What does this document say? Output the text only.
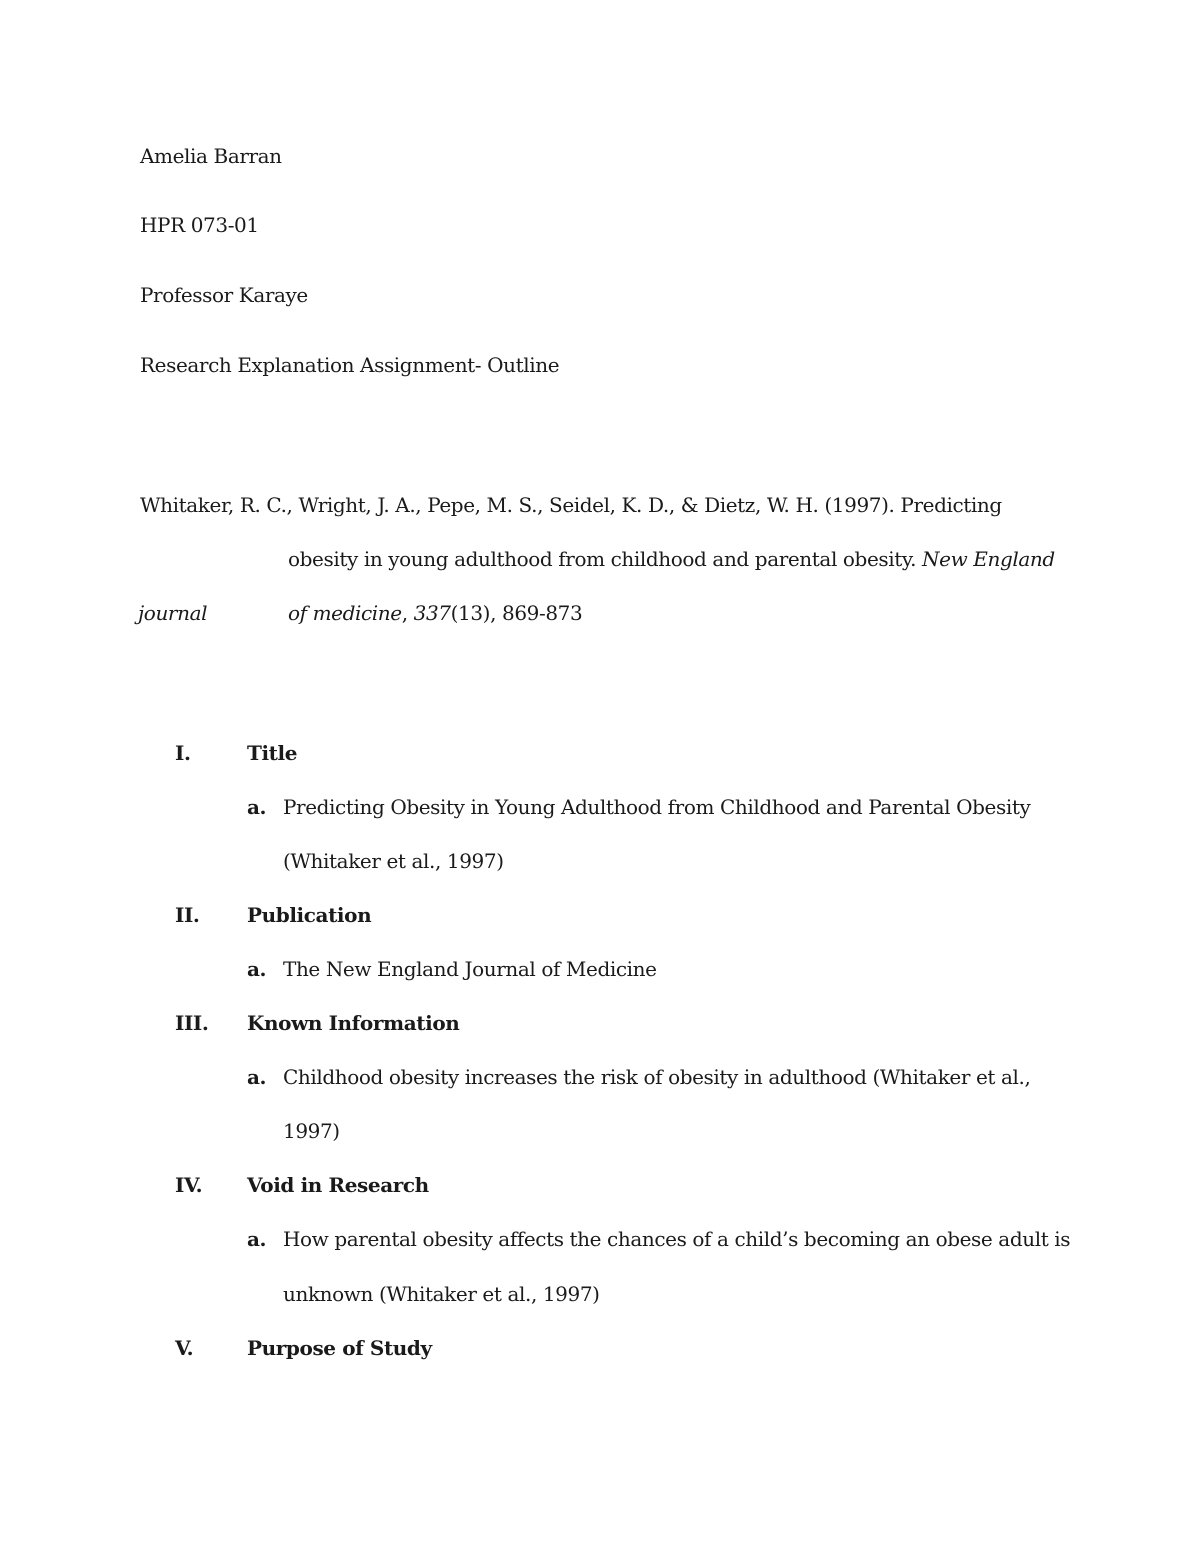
Amelia Barran
HPR 073-01
Professor Karaye
Research Explanation Assignment- Outline
Whitaker, R. C., Wright, J. A., Pepe, M. S., Seidel, K. D., & Dietz, W. H. (1997). Predicting
obesity in young adulthood from childhood and parental obesity. New England
journal	of medicine, 337(13), 869-873
I.	Title
a. Predicting Obesity in Young Adulthood from Childhood and Parental Obesity
(Whitaker et al., 1997)
II. Publication
a. The New England Journal of Medicine
III. Known Information
a. Childhood obesity increases the risk of obesity in adulthood (Whitaker et al.,
1997)
IV. Void in Research
a. How parental obesity affects the chances of a child’s becoming an obese adult is
unknown (Whitaker et al., 1997)
V.	Purpose of Study
